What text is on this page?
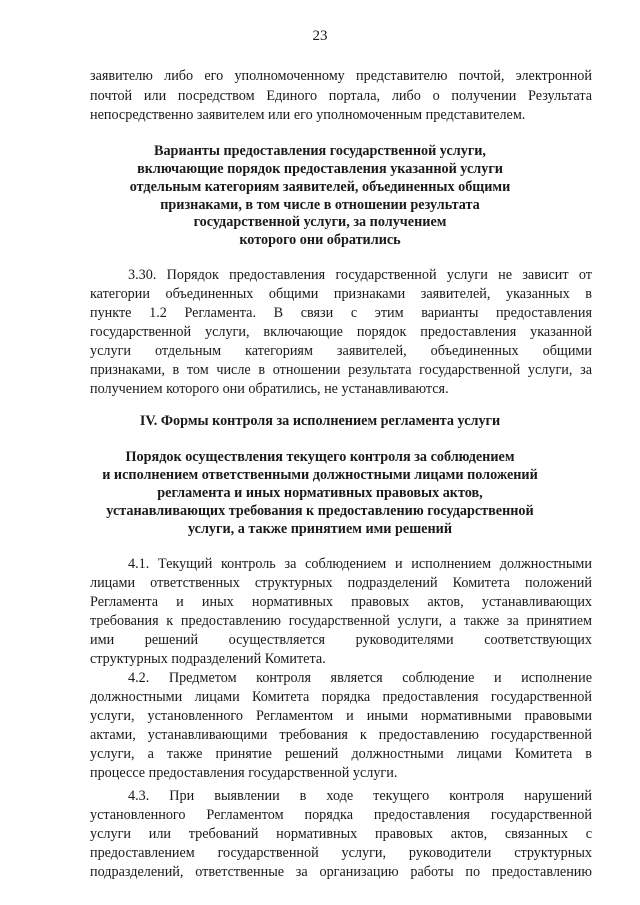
23
заявителю либо его уполномоченному представителю почтой, электронной
почтой или посредством Единого портала, либо о получении Результата
непосредственно заявителем или его уполномоченным представителем.
Варианты предоставления государственной услуги,
включающие порядок предоставления указанной услуги
отдельным категориям заявителей, объединенных общими
признаками, в том числе в отношении результата
государственной услуги, за получением
которого они обратились
3.30. Порядок предоставления государственной услуги не зависит от
категории объединенных общими признаками заявителей, указанных в
пункте 1.2 Регламента. В связи с этим варианты предоставления
государственной услуги, включающие порядок предоставления указанной
услуги отдельным категориям заявителей, объединенных общими
признаками, в том числе в отношении результата государственной услуги, за
получением которого они обратились, не устанавливаются.
IV. Формы контроля за исполнением регламента услуги
Порядок осуществления текущего контроля за соблюдением
и исполнением ответственными должностными лицами положений
регламента и иных нормативных правовых актов,
устанавливающих требования к предоставлению государственной
услуги, а также принятием ими решений
4.1. Текущий контроль за соблюдением и исполнением должностными
лицами ответственных структурных подразделений Комитета положений
Регламента и иных нормативных правовых актов, устанавливающих
требования к предоставлению государственной услуги, а также за принятием
ими решений осуществляется руководителями соответствующих
структурных подразделений Комитета.
4.2. Предметом контроля является соблюдение и исполнение
должностными лицами Комитета порядка предоставления государственной
услуги, установленного Регламентом и иными нормативными правовыми
актами, устанавливающими требования к предоставлению государственной
услуги, а также принятие решений должностными лицами Комитета в
процессе предоставления государственной услуги.
4.3. При выявлении в ходе текущего контроля нарушений
установленного Регламентом порядка предоставления государственной
услуги или требований нормативных правовых актов, связанных с
предоставлением государственной услуги, руководители структурных
подразделений, ответственные за организацию работы по предоставлению
